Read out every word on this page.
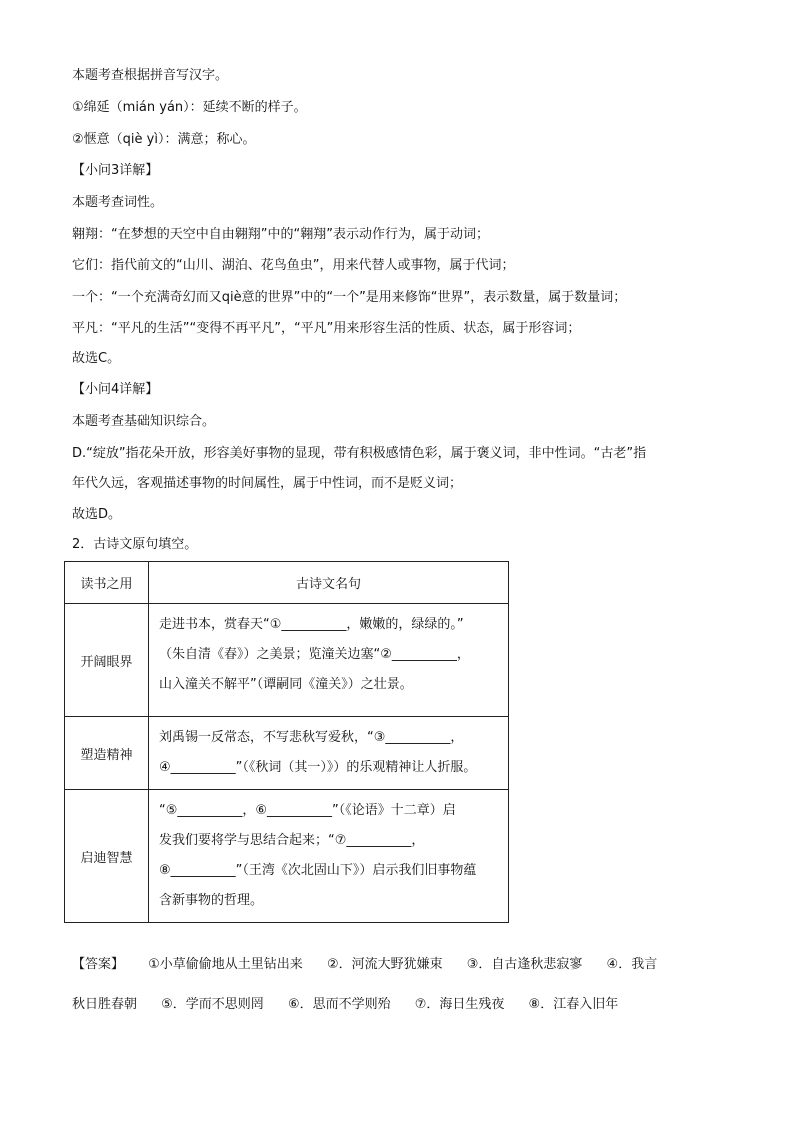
本题考查根据拼音写汉字。
①绵延（mián yán）：延续不断的样子。
②惬意（qiè yì）：满意；称心。
【小问3详解】
本题考查词性。
翱翔：“在梦想的天空中自由翱翔”中的“翱翔”表示动作行为，属于动词；
它们：指代前文的“山川、湖泊、花鸟鱼虫”，用来代替人或事物，属于代词；
一个：“一个充满奇幻而又qiè意的世界”中的“一个”是用来修饰“世界”，表示数量，属于数量词；
平凡：“平凡的生活”“变得不再平凡”，“平凡”用来形容生活的性质、状态，属于形容词；
故选C。
【小问4详解】
本题考查基础知识综合。
D.“绽放”指花朵开放，形容美好事物的显现，带有积极感情色彩，属于褒义词，非中性词。“古老”指
年代久远，客观描述事物的时间属性，属于中性词，而不是贬义词；
故选D。
2．古诗文原句填空。
读书之用	古诗文名句
开阔眼界	走进书本，赏春天“①__________，嫩嫩的，绿绿的。”
（朱自清《春》）之美景；览潼关边塞“②__________，
山入潼关不解平”（谭嗣同《潼关》）之壮景。

塑造精神	刘禹锡一反常态，不写悲秋写爱秋，“③__________，
④__________”（《秋词（其一）》）的乐观精神让人折服。

启迪智慧	“⑤__________，⑥__________”（《论语》十二章）启
发我们要将学与思结合起来；“⑦__________，
⑧__________”（王湾《次北固山下》）启示我们旧事物蕴
含新事物的哲理。
【答案】 ①小草偷偷地从土里钻出来 ②．河流大野犹嫌束 ③．自古逢秋悲寂寥 ④．我言
秋日胜春朝 ⑤．学而不思则罔 ⑥．思而不学则殆 ⑦．海日生残夜 ⑧．江春入旧年
